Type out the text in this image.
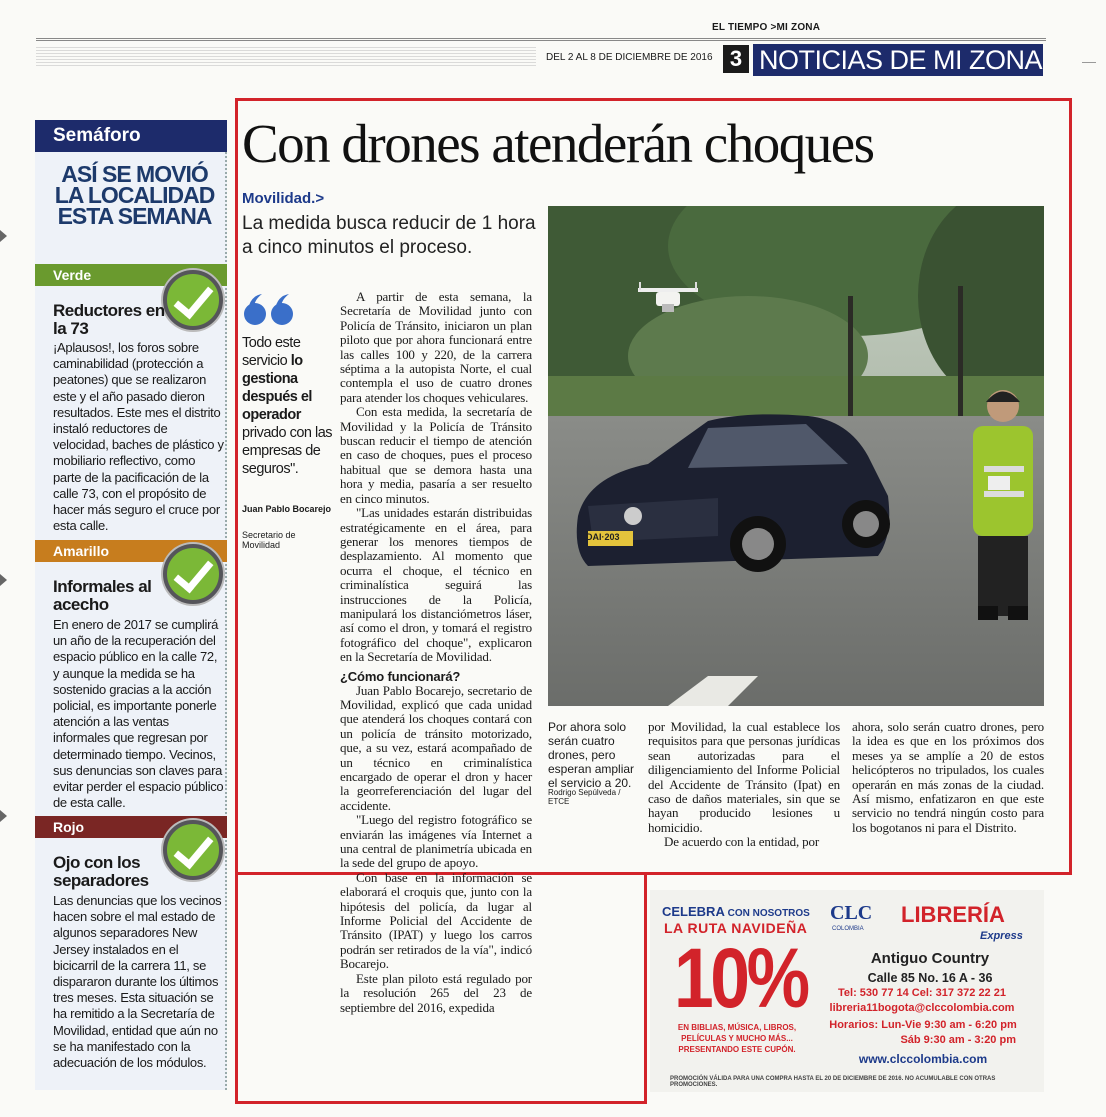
EL TIEMPO >MI ZONA
DEL 2 AL 8 DE DICIEMBRE DE 2016 3 NOTICIAS DE MI ZONA
Semáforo
ASÍ SE MOVIÓ LA LOCALIDAD ESTA SEMANA
Verde
Reductores en la 73
¡Aplausos!, los foros sobre caminabilidad (protección a peatones) que se realizaron este y el año pasado dieron resultados. Este mes el distrito instaló reductores de velocidad, baches de plástico y mobiliario reflectivo, como parte de la pacificación de la calle 73, con el propósito de hacer más seguro el cruce por esta calle.
Amarillo
Informales al acecho
En enero de 2017 se cumplirá un año de la recuperación del espacio público en la calle 72, y aunque la medida se ha sostenido gracias a la acción policial, es importante ponerle atención a las ventas informales que regresan por determinado tiempo. Vecinos, sus denuncias son claves para evitar perder el espacio público de esta calle.
Rojo
Ojo con los separadores
Las denuncias que los vecinos hacen sobre el mal estado de algunos separadores New Jersey instalados en el bicicarril de la carrera 11, se dispararon durante los últimos tres meses. Esta situación se ha remitido a la Secretaría de Movilidad, entidad que aún no se ha manifestado con la adecuación de los módulos.
Con drones atenderán choques
Movilidad.>
La medida busca reducir de 1 hora a cinco minutos el proceso.
Todo este servicio lo gestiona después el operador privado con las empresas de seguros".
Juan Pablo Bocarejo
Secretario de Movilidad

A partir de esta semana, la Secretaría de Movilidad junto con Policía de Tránsito, iniciaron un plan piloto que por ahora funcionará entre las calles 100 y 220, de la carrera séptima a la autopista Norte, el cual contempla el uso de cuatro drones para atender los choques vehiculares.

Con esta medida, la secretaría de Movilidad y la Policía de Tránsito buscan reducir el tiempo de atención en caso de choques, pues el proceso habitual que se demora hasta una hora y media, pasaría a ser resuelto en cinco minutos.

"Las unidades estarán distribuidas estratégicamente en el área, para generar los menores tiempos de desplazamiento. Al momento que ocurra el choque, el técnico en criminalística seguirá las instrucciones de la Policía, manipulará los distanciómetros láser, así como el dron, y tomará el registro fotográfico del choque", explicaron en la Secretaría de Movilidad.

¿Cómo funcionará?

Juan Pablo Bocarejo, secretario de Movilidad, explicó que cada unidad que atenderá los choques contará con un policía de tránsito motorizado, que, a su vez, estará acompañado de un técnico en criminalística encargado de operar el dron y hacer la georreferenciación del lugar del accidente.

"Luego del registro fotográfico se enviarán las imágenes vía Internet a una central de planimetría ubicada en la sede del grupo de apoyo.

Con base en la información se elaborará el croquis que, junto con la hipótesis del policía, da lugar al Informe Policial del Accidente de Tránsito (IPAT) y luego los carros podrán ser retirados de la vía", indicó Bocarejo.

Este plan piloto está regulado por la resolución 265 del 23 de septiembre del 2016, expedida

DAI·203
Por ahora solo serán cuatro drones, pero esperan ampliar el servicio a 20.
Rodrigo Sepúlveda / ETCE

por Movilidad, la cual establece los requisitos para que personas jurídicas sean autorizadas para el diligenciamiento del Informe Policial del Accidente de Tránsito (Ipat) en caso de daños materiales, sin que se hayan producido lesiones u homicidio.

De acuerdo con la entidad, por

ahora, solo serán cuatro drones, pero la idea es que en los próximos dos meses ya se amplíe a 20 de estos helicópteros no tripulados, los cuales operarán en más zonas de la ciudad. Así mismo, enfatizaron en que este servicio no tendrá ningún costo para los bogotanos ni para el Distrito.

CELEBRA CON NOSOTROS
LA RUTA NAVIDEÑA
10%
EN BIBLIAS, MÚSICA, LIBROS, PELÍCULAS Y MUCHO MÁS... PRESENTANDO ESTE CUPÓN.
CLC
COLOMBIA
LIBRERÍA
Express
Antiguo Country
Calle 85 No. 16 A - 36
Tel: 530 77 14 Cel: 317 372 22 21
libreria11bogota@clccolombia.com
Horarios: Lun-Vie 9:30 am - 6:20 pm
Sáb 9:30 am - 3:20 pm
www.clccolombia.com
PROMOCIÓN VÁLIDA PARA UNA COMPRA HASTA EL 20 DE DICIEMBRE DE 2016. NO ACUMULABLE CON OTRAS PROMOCIONES.
